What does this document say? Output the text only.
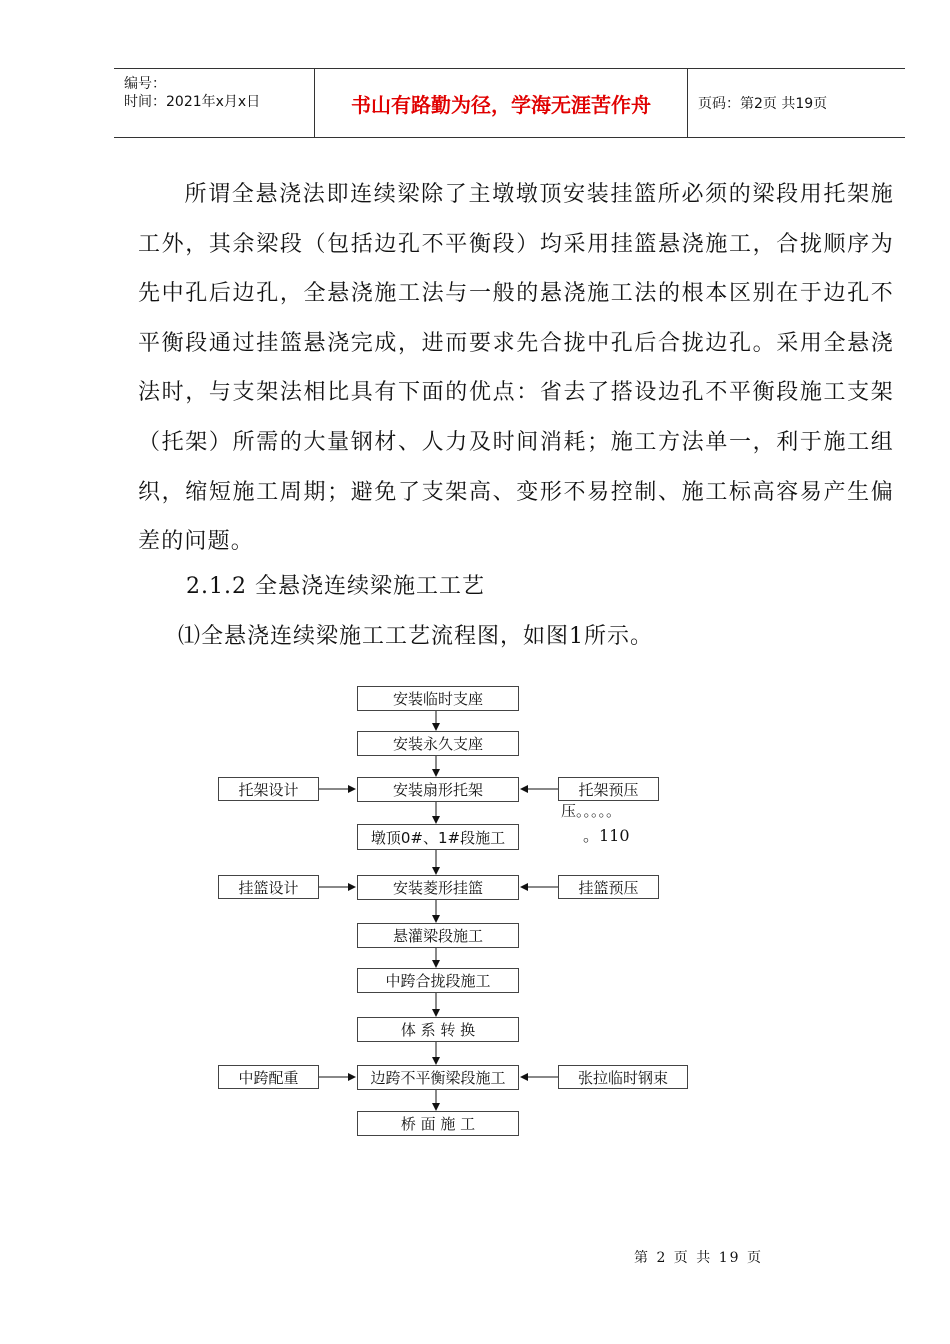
编号：
时间：2021年x月x日	书山有路勤为径，学海无涯苦作舟	页码：第2页 共19页
所谓全悬浇法即连续梁除了主墩墩顶安装挂篮所必须的梁段用托架施工外，其余梁段（包括边孔不平衡段）均采用挂篮悬浇施工，合拢顺序为先中孔后边孔，全悬浇施工法与一般的悬浇施工法的根本区别在于边孔不平衡段通过挂篮悬浇完成，进而要求先合拢中孔后合拢边孔。采用全悬浇法时，与支架法相比具有下面的优点：省去了搭设边孔不平衡段施工支架（托架）所需的大量钢材、人力及时间消耗；施工方法单一，利于施工组织，缩短施工周期；避免了支架高、变形不易控制、施工标高容易产生偏差的问题。
2.1.2 全悬浇连续梁施工工艺
⑴全悬浇连续梁施工工艺流程图，如图1所示。
安装临时支座
安装永久支座
安装扇形托架
墩顶0#、1#段施工
安装菱形挂篮
悬灌梁段施工
中跨合拢段施工
体 系 转 换
边跨不平衡梁段施工
桥 面 施 工
托架设计
挂篮设计
中跨配重
托架预压
挂篮预压
张拉临时钢束
压。。。。。
。110
第 2 页 共 19 页
